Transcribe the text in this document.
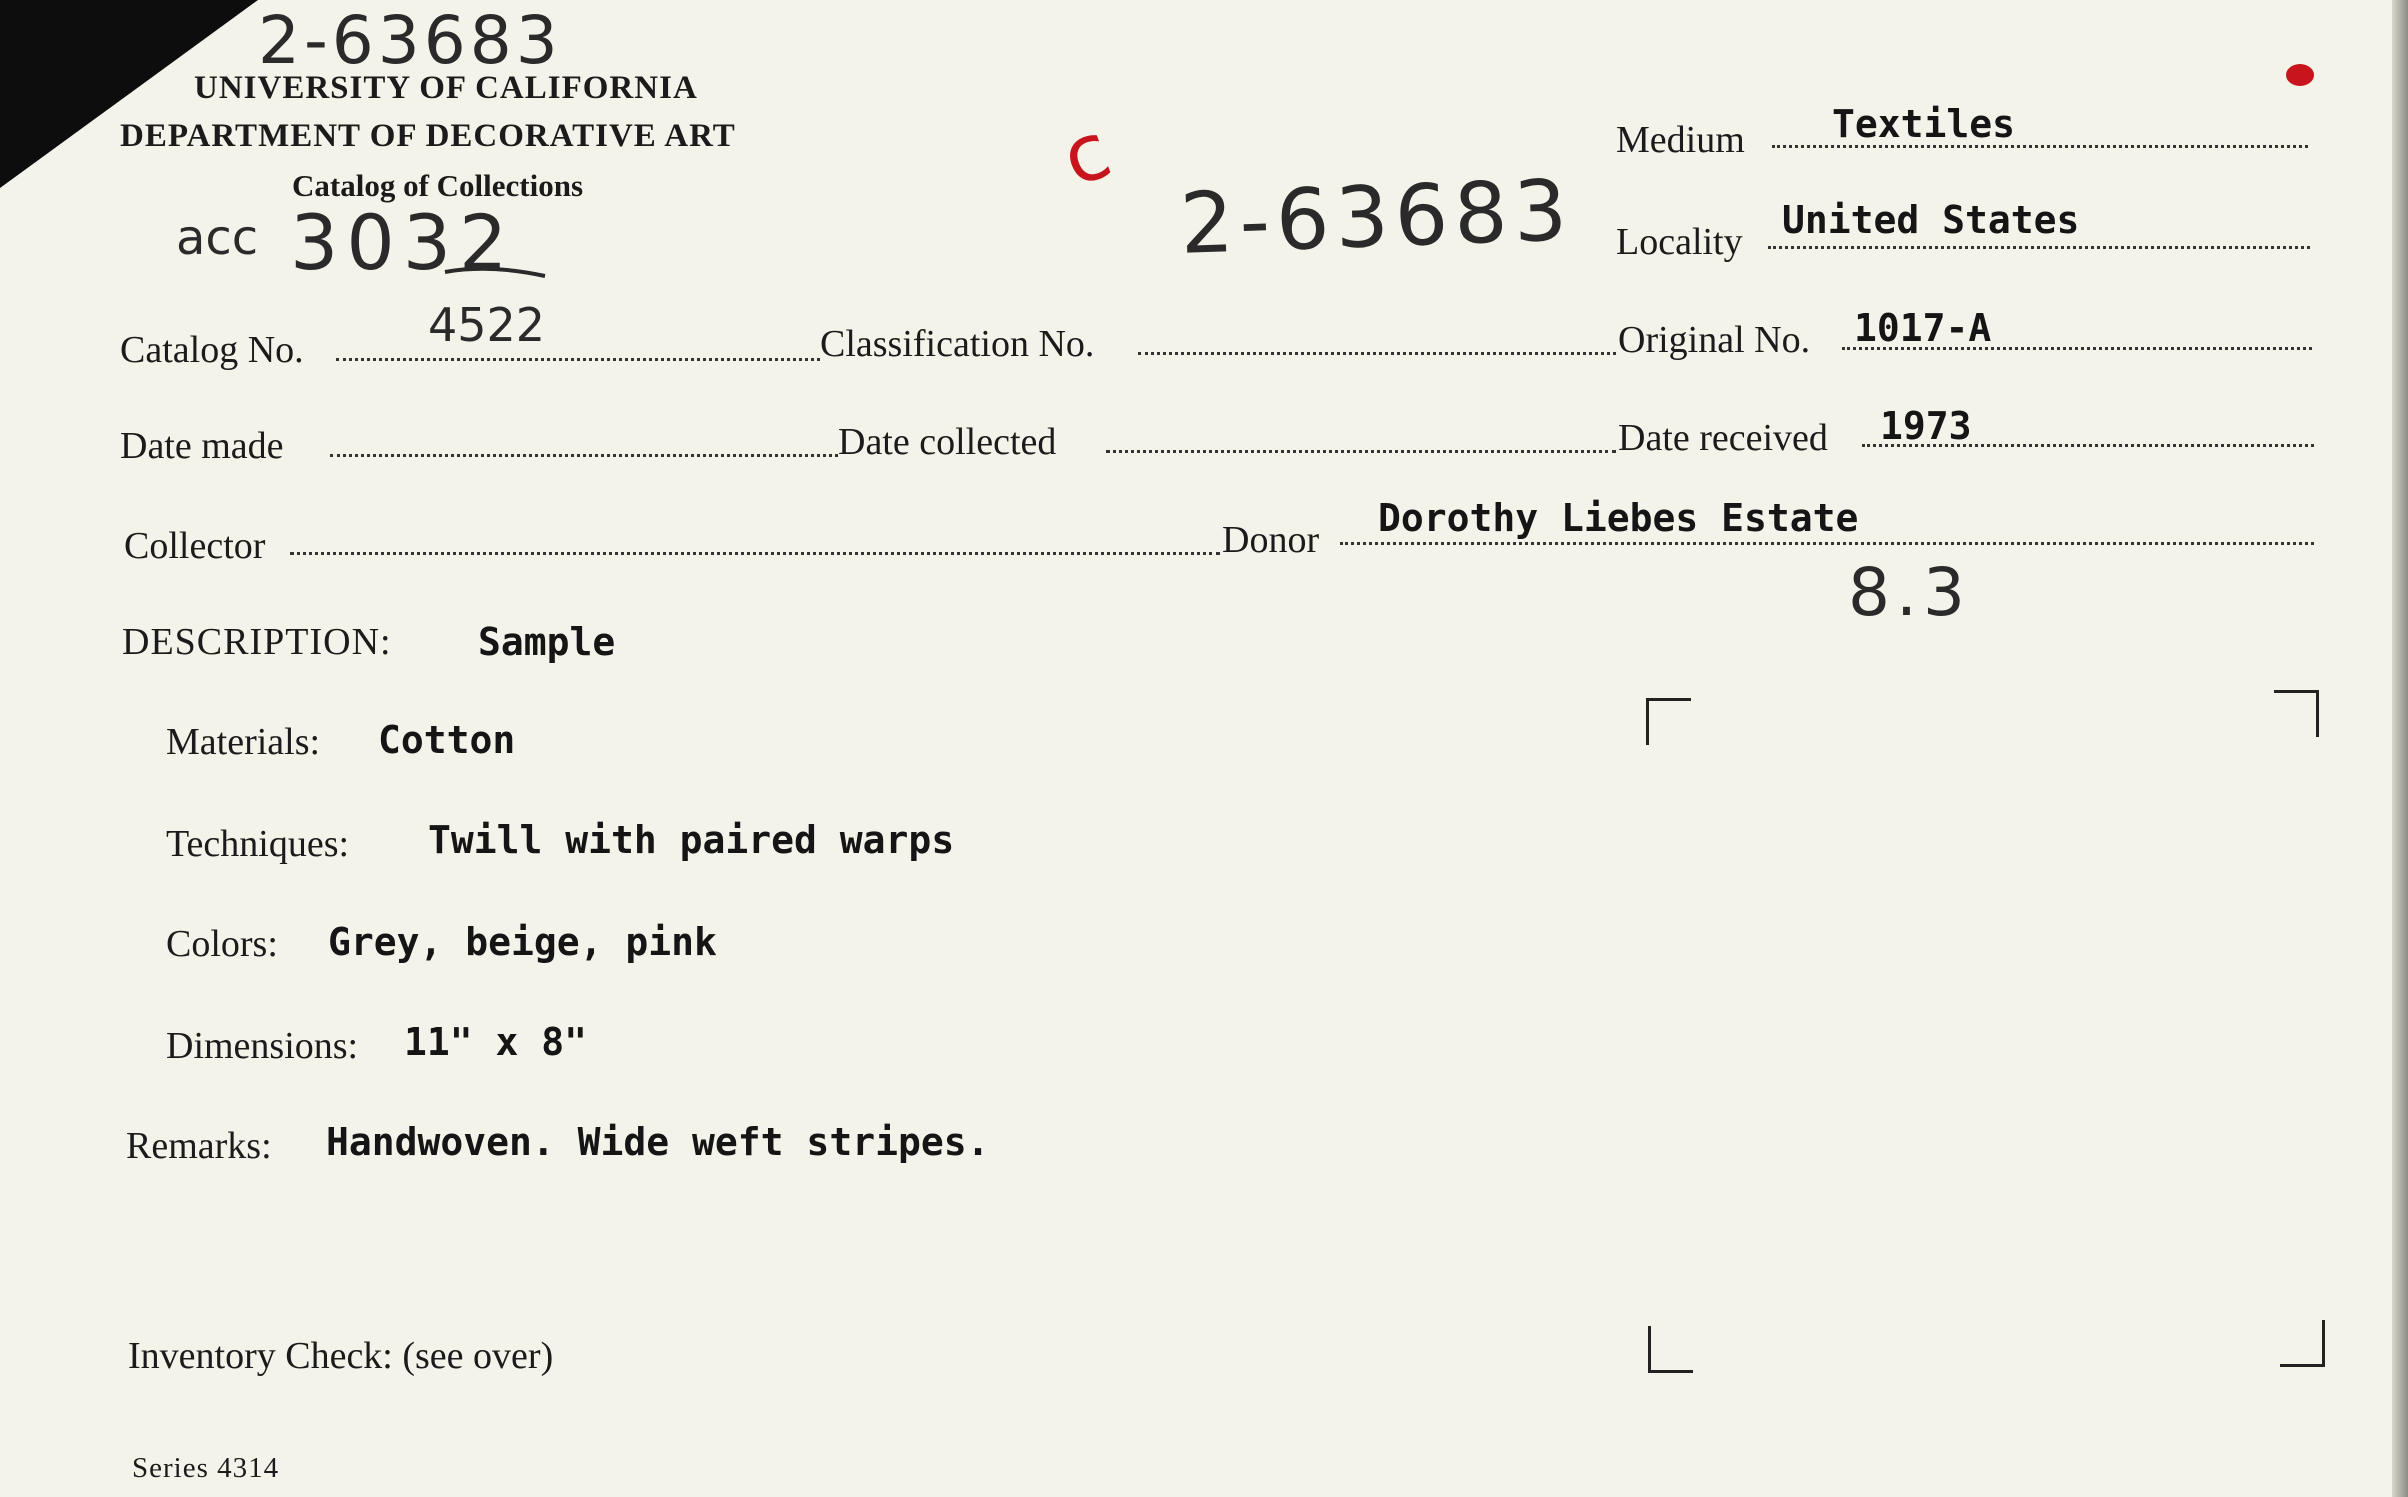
2-63683
UNIVERSITY OF CALIFORNIA
DEPARTMENT OF DECORATIVE ART
Catalog of Collections
acc 3032
c
2-63683
Medium Textiles
Locality United States
Catalog No.	4522	Classification No.	Original No. 1017-A
Date made	Date collected	Date received 1973
Collector	Donor Dorothy Liebes Estate
8.3
DESCRIPTION: Sample
Materials: Cotton
Techniques: Twill with paired warps
Colors: Grey, beige, pink
Dimensions: 11" x 8"
Remarks: Handwoven. Wide weft stripes.
Inventory Check: (see over)
Series 4314
